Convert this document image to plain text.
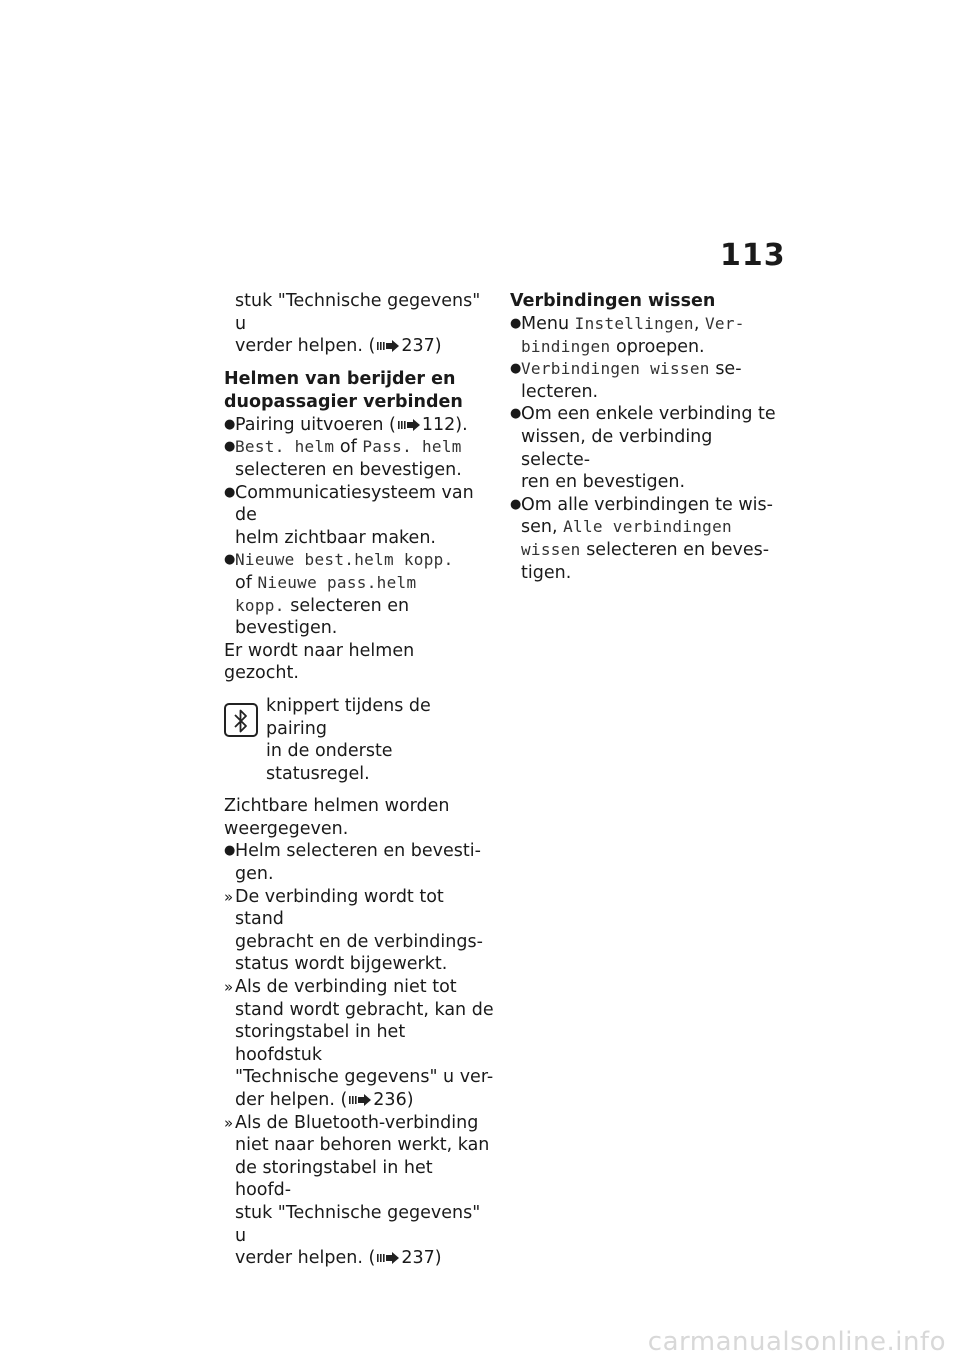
113

stuk "Technische gegevens" u

verder helpen. ( 237)

Helmen van berijder en

duopassagier verbinden

● Pairing uitvoeren ( 112).

● Best. helm of Pass. helm

selecteren en bevestigen.

● Communicatiesysteem van de

helm zichtbaar maken.

● Nieuwe best.helm kopp.

of Nieuwe pass.helm

kopp. selecteren en

bevestigen.

Er wordt naar helmen gezocht.

knippert tijdens de pairing

in de onderste statusregel.

Zichtbare helmen worden

weergegeven.

● Helm selecteren en bevesti-

gen.

» De verbinding wordt tot stand

gebracht en de verbindings-

status wordt bijgewerkt.

» Als de verbinding niet tot

stand wordt gebracht, kan de

storingstabel in het hoofdstuk

"Technische gegevens" u ver-

der helpen. ( 236)

» Als de Bluetooth-verbinding

niet naar behoren werkt, kan

de storingstabel in het hoofd-

stuk "Technische gegevens" u

verder helpen. ( 237)

Verbindingen wissen

● Menu Instellingen, Ver-

bindingen oproepen.

● Verbindingen wissen se-

lecteren.

● Om een enkele verbinding te

wissen, de verbinding selecte-

ren en bevestigen.

● Om alle verbindingen te wis-

sen, Alle verbindingen

wissen selecteren en beves-

tigen.

carmanualsonline.info
